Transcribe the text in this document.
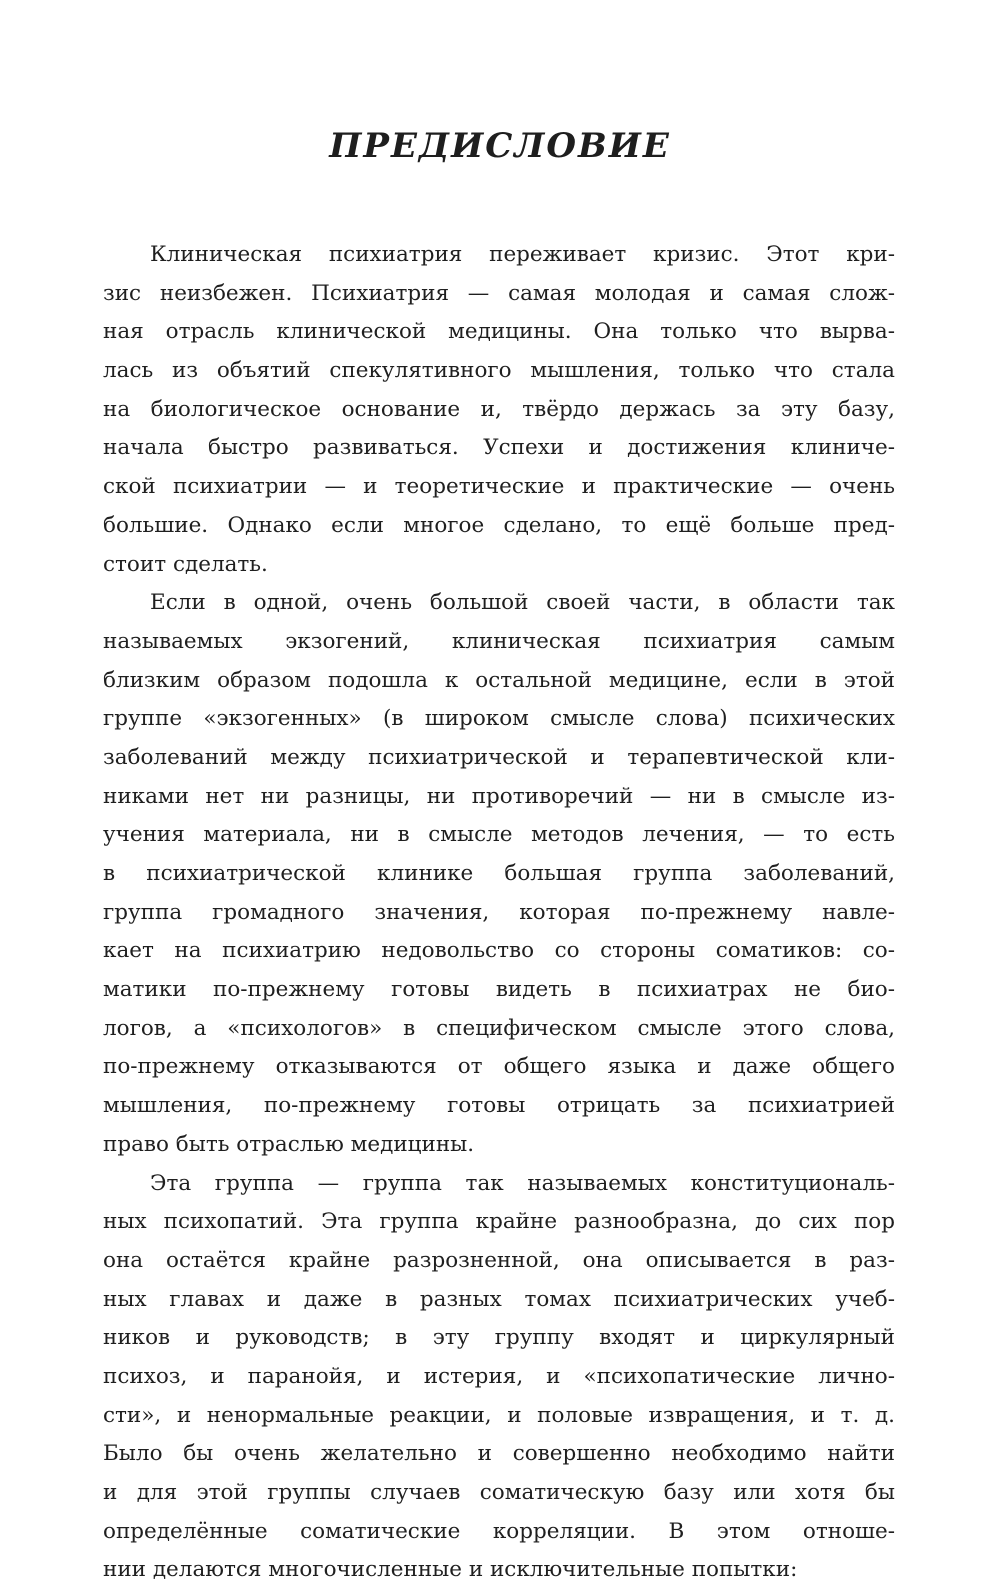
ПРЕДИСЛОВИЕ
Клиническая психиатрия переживает кризис. Этот кри-
зис неизбежен. Психиатрия — самая молодая и самая слож-
ная отрасль клинической медицины. Она только что вырва-
лась из объятий спекулятивного мышления, только что стала
на биологическое основание и, твёрдо держась за эту базу,
начала быстро развиваться. Успехи и достижения клиниче-
ской психиатрии — и теоретические и практические — очень
большие. Однако если многое сделано, то ещё больше пред-
стоит сделать.
Если в одной, очень большой своей части, в области так
называемых экзогений, клиническая психиатрия самым
близким образом подошла к остальной медицине, если в этой
группе «экзогенных» (в широком смысле слова) психических
заболеваний между психиатрической и терапевтической кли-
никами нет ни разницы, ни противоречий — ни в смысле из-
учения материала, ни в смысле методов лечения, — то есть
в психиатрической клинике большая группа заболеваний,
группа громадного значения, которая по-прежнему навле-
кает на психиатрию недовольство со стороны соматиков: со-
матики по-прежнему готовы видеть в психиатрах не био-
логов, а «психологов» в специфическом смысле этого слова,
по-прежнему отказываются от общего языка и даже общего
мышления, по-прежнему готовы отрицать за психиатрией
право быть отраслью медицины.
Эта группа — группа так называемых конституциональ-
ных психопатий. Эта группа крайне разнообразна, до сих пор
она остаётся крайне разрозненной, она описывается в раз-
ных главах и даже в разных томах психиатрических учеб-
ников и руководств; в эту группу входят и циркулярный
психоз, и паранойя, и истерия, и «психопатические лично-
сти», и ненормальные реакции, и половые извращения, и т. д.
Было бы очень желательно и совершенно необходимо найти
и для этой группы случаев соматическую базу или хотя бы
определённые соматические корреляции. В этом отноше-
нии делаются многочисленные и исключительные попытки:
